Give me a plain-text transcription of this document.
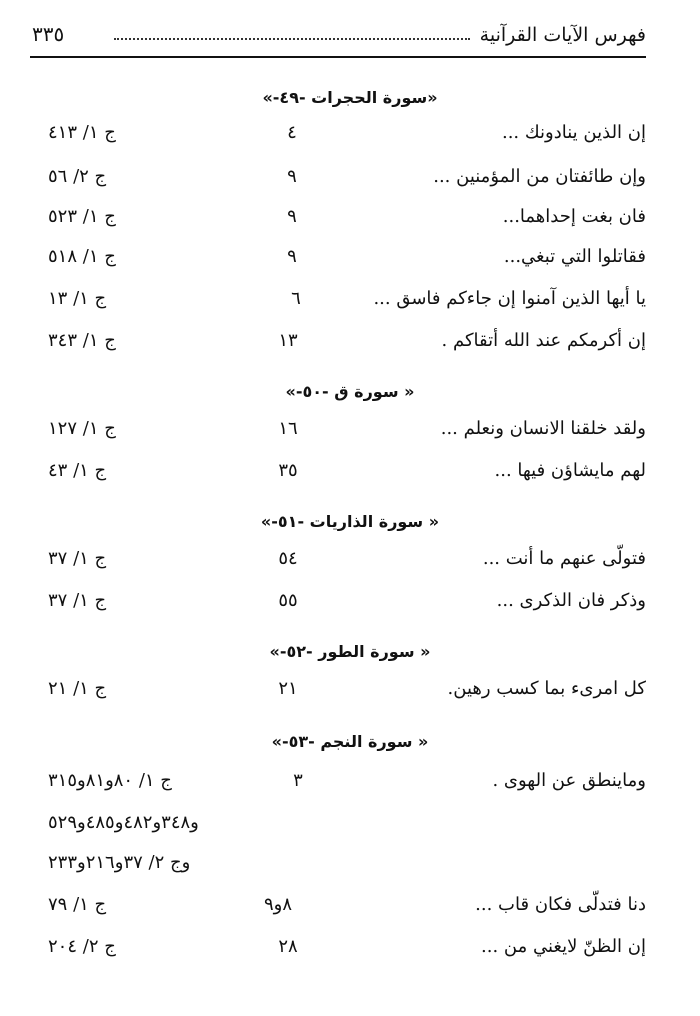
فهرس الآيات القرآنية
٣٣٥
«سورة الحجرات -٤٩-»
إن الذين ينادونك ...
٤
ج ١/ ٤١٣
وإن طائفتان من المؤمنين ...
٩
ج ٢/ ٥٦
فان بغت إحداهما...
٩
ج ١/ ٥٢٣
فقاتلوا التي تبغي...
٩
ج ١/ ٥١٨
يا أيها الذين آمنوا إن جاءكم فاسق ...
٦
ج ١/ ١٣
إن أكرمكم عند الله أتقاكم .
١٣
ج ١/ ٣٤٣
« سورة ق -٥٠-»
ولقد خلقنا الانسان ونعلم ...
١٦
ج ١/ ١٢٧
لهم مايشاؤن فيها ...
٣٥
ج ١/ ٤٣
« سورة الذاريات -٥١-»
فتولّى عنهم ما أنت ...
٥٤
ج ١/ ٣٧
وذكر فان الذكرى ...
٥٥
ج ١/ ٣٧
« سورة الطور -٥٢-»
كل امرىء بما كسب رهين.
٢١
ج ١/ ٢١
« سورة النجم -٥٣-»
وماينطق عن الهوى .
٣
ج ١/ ٨٠و٨١و٣١٥
و٣٤٨و٤٨٢و٤٨٥و٥٢٩
وج ٢/ ٣٧و٢١٦و٢٣٣
دنا فتدلّى فكان قاب ...
٨و٩
ج ١/ ٧٩
إن الظنّ لايغني من ...
٢٨
ج ٢/ ٢٠٤
